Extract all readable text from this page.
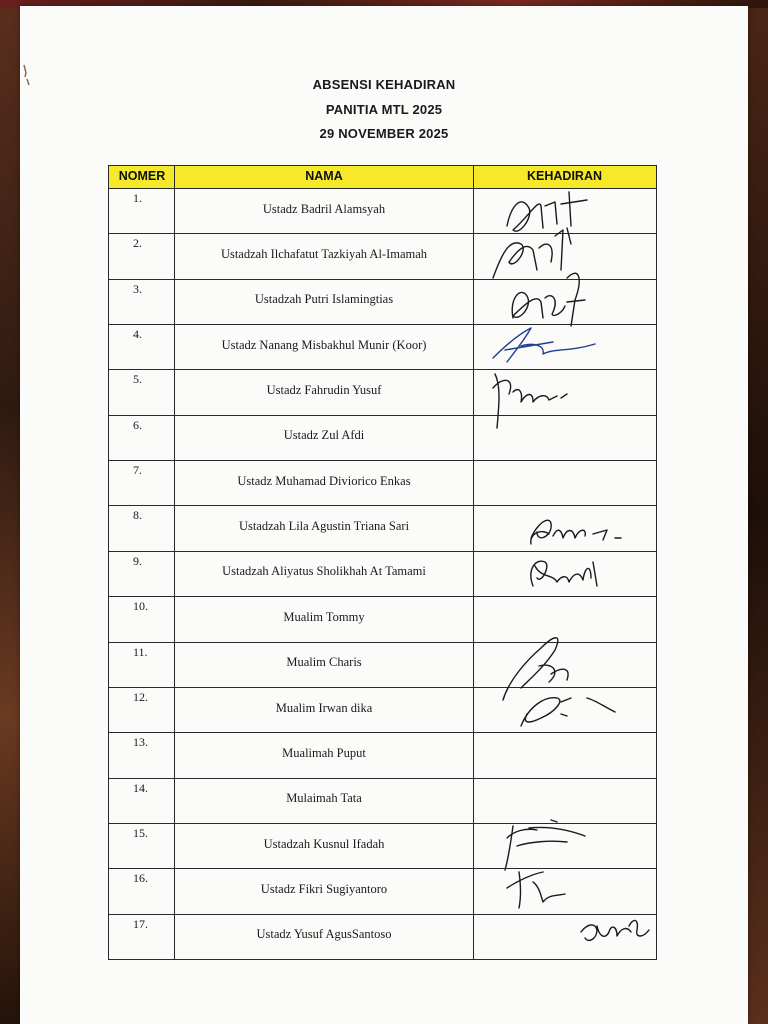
ABSENSI KEHADIRAN
PANITIA MTL 2025
29 NOVEMBER 2025
NOMER	NAMA	KEHADIRAN
1.
Ustadz Badril Alamsyah
2.
Ustadzah Ilchafatut Tazkiyah Al-Imamah
3.
Ustadzah Putri Islamingtias
4.
Ustadz Nanang Misbakhul Munir (Koor)
5.
Ustadz Fahrudin Yusuf
6.
Ustadz Zul Afdi
7.
Ustadz Muhamad Diviorico Enkas
8.
Ustadzah Lila Agustin Triana Sari
9.
Ustadzah Aliyatus Sholikhah At Tamami
10.
Mualim Tommy
11.
Mualim Charis
12.
Mualim Irwan dika
13.
Mualimah Puput
14.
Mulaimah Tata
15.
Ustadzah Kusnul Ifadah
16.
Ustadz Fikri Sugiyantoro
17.
Ustadz Yusuf AgusSantoso
